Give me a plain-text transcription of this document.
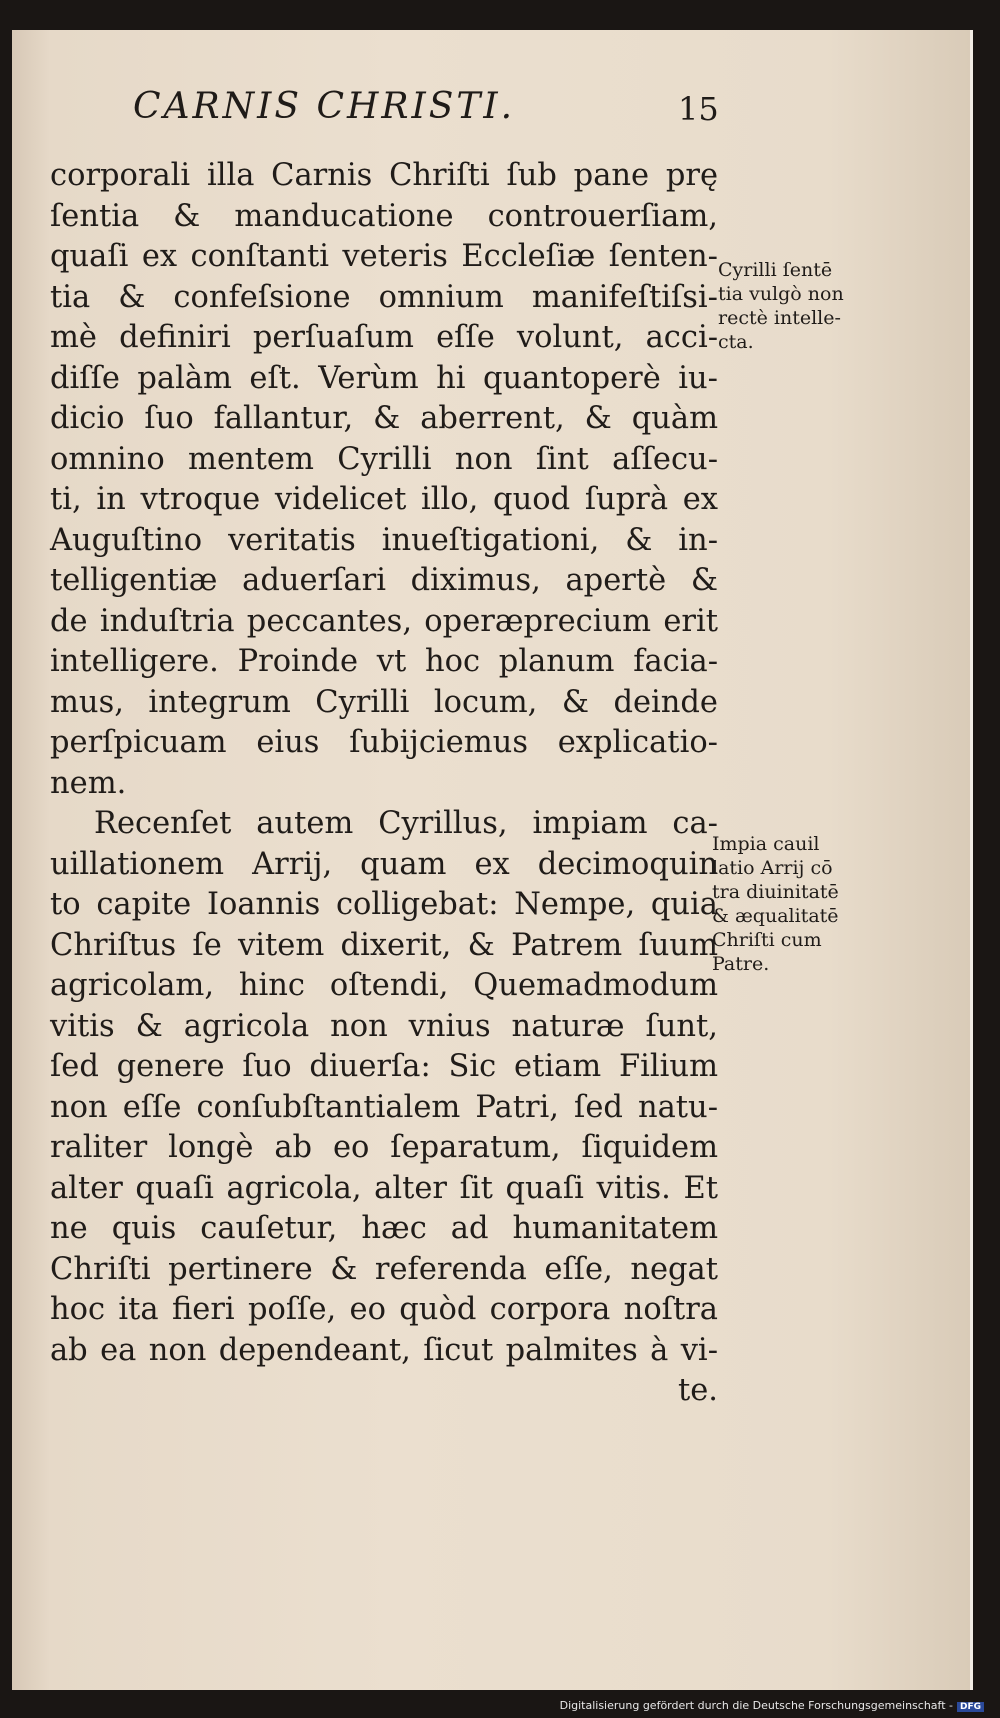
CARNIS CHRISTI.	15
corporali illa Carnis Chriſti ſub pane prę
ſentia & manducatione controuerſiam,
quaſi ex conſtanti veteris Eccleſiæ ſenten-
tia & confeſsione omnium manifeſtiſsi-
mè definiri perſuaſum eſſe volunt, acci-
diſſe palàm eſt. Verùm hi quantoperè iu-
dicio ſuo fallantur, & aberrent, & quàm
omnino mentem Cyrilli non ſint aſſecu-
ti, in vtroque videlicet illo, quod ſuprà ex
Auguſtino veritatis inueſtigationi, & in-
telligentiæ aduerſari diximus, apertè &
de induſtria peccantes, operæprecium erit
intelligere. Proinde vt hoc planum facia-
mus, integrum Cyrilli locum, & deinde
perſpicuam eius ſubijciemus explicatio-
nem.
Recenſet autem Cyrillus, impiam ca-
uillationem Arrij, quam ex decimoquin
to capite Ioannis colligebat: Nempe, quia
Chriſtus ſe vitem dixerit, & Patrem ſuum
agricolam, hinc oſtendi, Quemadmodum
vitis & agricola non vnius naturæ ſunt,
ſed genere ſuo diuerſa: Sic etiam Filium
non eſſe conſubſtantialem Patri, ſed natu-
raliter longè ab eo ſeparatum, ſiquidem
alter quaſi agricola, alter ſit quaſi vitis. Et
ne quis cauſetur, hæc ad humanitatem
Chriſti pertinere & referenda eſſe, negat
hoc ita fieri poſſe, eo quòd corpora noſtra
ab ea non dependeant, ſicut palmites à vi-
te.
Cyrilli ſentē
tia vulgò non
rectè intelle-
cta.
Impia cauil
latio Arrij cō
tra diuinitatē
& æqualitatē
Chriſti cum
Patre.
Digitalisierung gefördert durch die Deutsche Forschungsgemeinschaft - DFG
